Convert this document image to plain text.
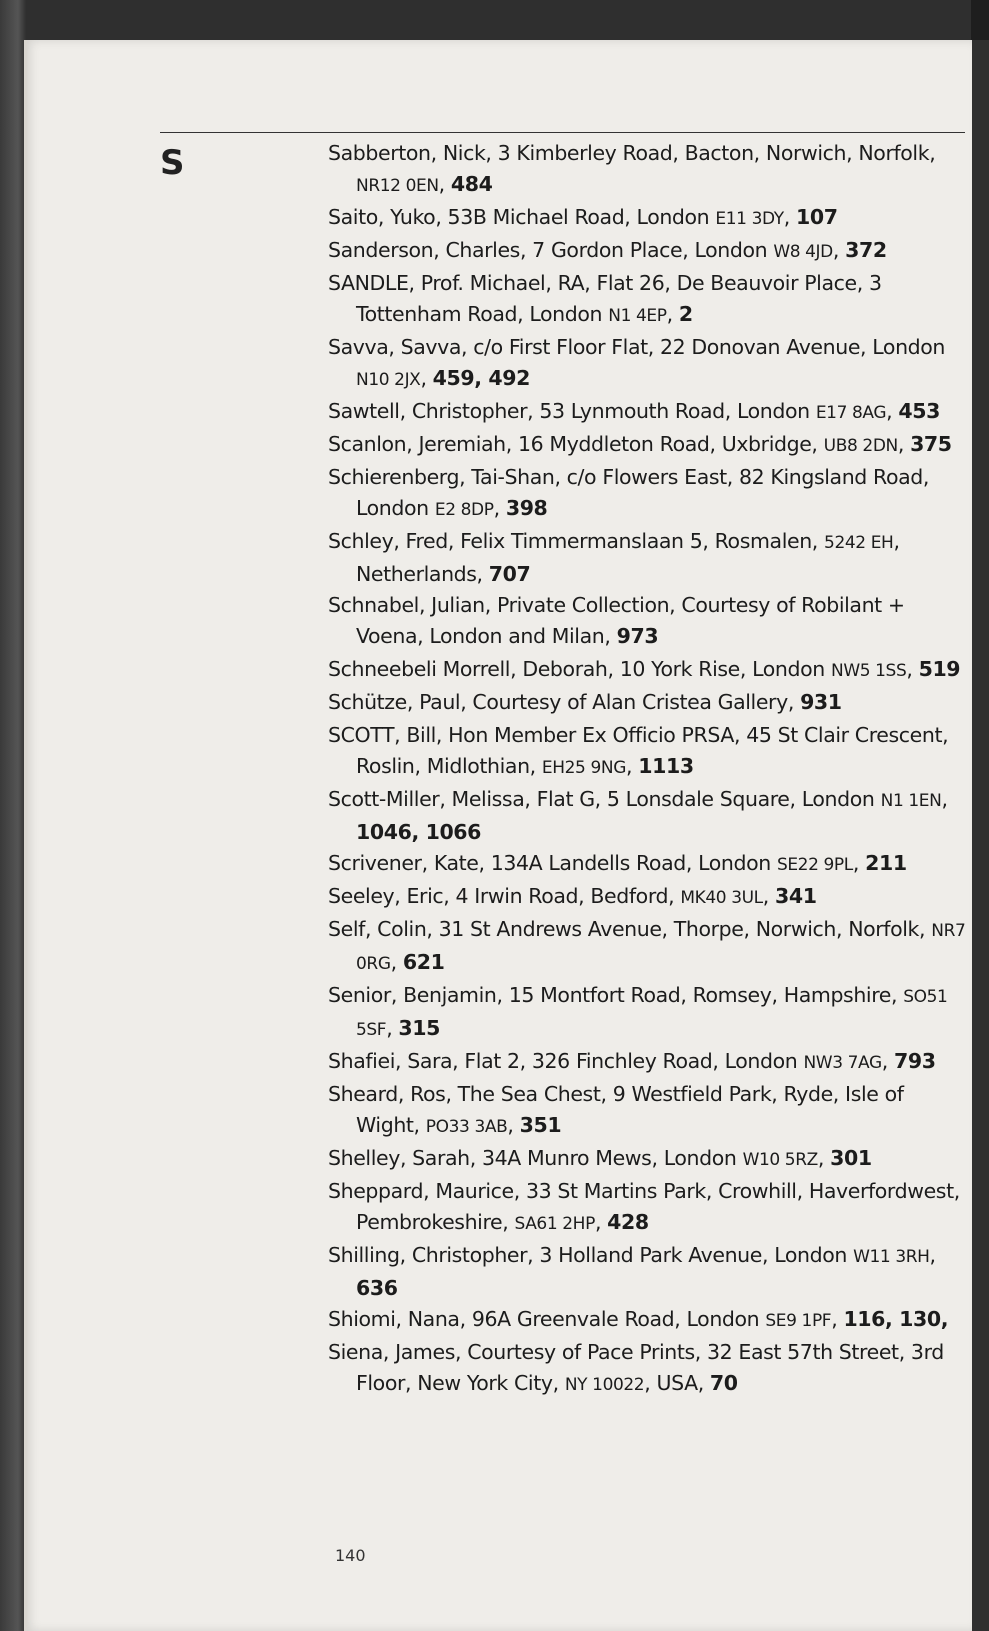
S	Sabberton, Nick, 3 Kimberley Road, Bacton, Norwich, Norfolk, NR12 0EN, 484

Saito, Yuko, 53B Michael Road, London E11 3DY, 107

Sanderson, Charles, 7 Gordon Place, London W8 4JD, 372

SANDLE, Prof. Michael, RA, Flat 26, De Beauvoir Place, 3 Tottenham Road, London N1 4EP, 2

Savva, Savva, c/o First Floor Flat, 22 Donovan Avenue, London N10 2JX, 459, 492

Sawtell, Christopher, 53 Lynmouth Road, London E17 8AG, 453

Scanlon, Jeremiah, 16 Myddleton Road, Uxbridge, UB8 2DN, 375

Schierenberg, Tai-Shan, c/o Flowers East, 82 Kingsland Road, London E2 8DP, 398

Schley, Fred, Felix Timmermanslaan 5, Rosmalen, 5242 EH, Netherlands, 707

Schnabel, Julian, Private Collection, Courtesy of Robilant + Voena, London and Milan, 973

Schneebeli Morrell, Deborah, 10 York Rise, London NW5 1SS, 519

Schütze, Paul, Courtesy of Alan Cristea Gallery, 931

SCOTT, Bill, Hon Member Ex Officio PRSA, 45 St Clair Crescent, Roslin, Midlothian, EH25 9NG, 1113

Scott-Miller, Melissa, Flat G, 5 Lonsdale Square, London N1 1EN, 1046, 1066

Scrivener, Kate, 134A Landells Road, London SE22 9PL, 211

Seeley, Eric, 4 Irwin Road, Bedford, MK40 3UL, 341

Self, Colin, 31 St Andrews Avenue, Thorpe, Norwich, Norfolk, NR7 0RG, 621

Senior, Benjamin, 15 Montfort Road, Romsey, Hampshire, SO51 5SF, 315

Shafiei, Sara, Flat 2, 326 Finchley Road, London NW3 7AG, 793

Sheard, Ros, The Sea Chest, 9 Westfield Park, Ryde, Isle of Wight, PO33 3AB, 351

Shelley, Sarah, 34A Munro Mews, London W10 5RZ, 301

Sheppard, Maurice, 33 St Martins Park, Crowhill, Haverfordwest, Pembrokeshire, SA61 2HP, 428

Shilling, Christopher, 3 Holland Park Avenue, London W11 3RH, 636

Shiomi, Nana, 96A Greenvale Road, London SE9 1PF, 116, 130,

Siena, James, Courtesy of Pace Prints, 32 East 57th Street, 3rd Floor, New York City, NY 10022, USA, 70

140
